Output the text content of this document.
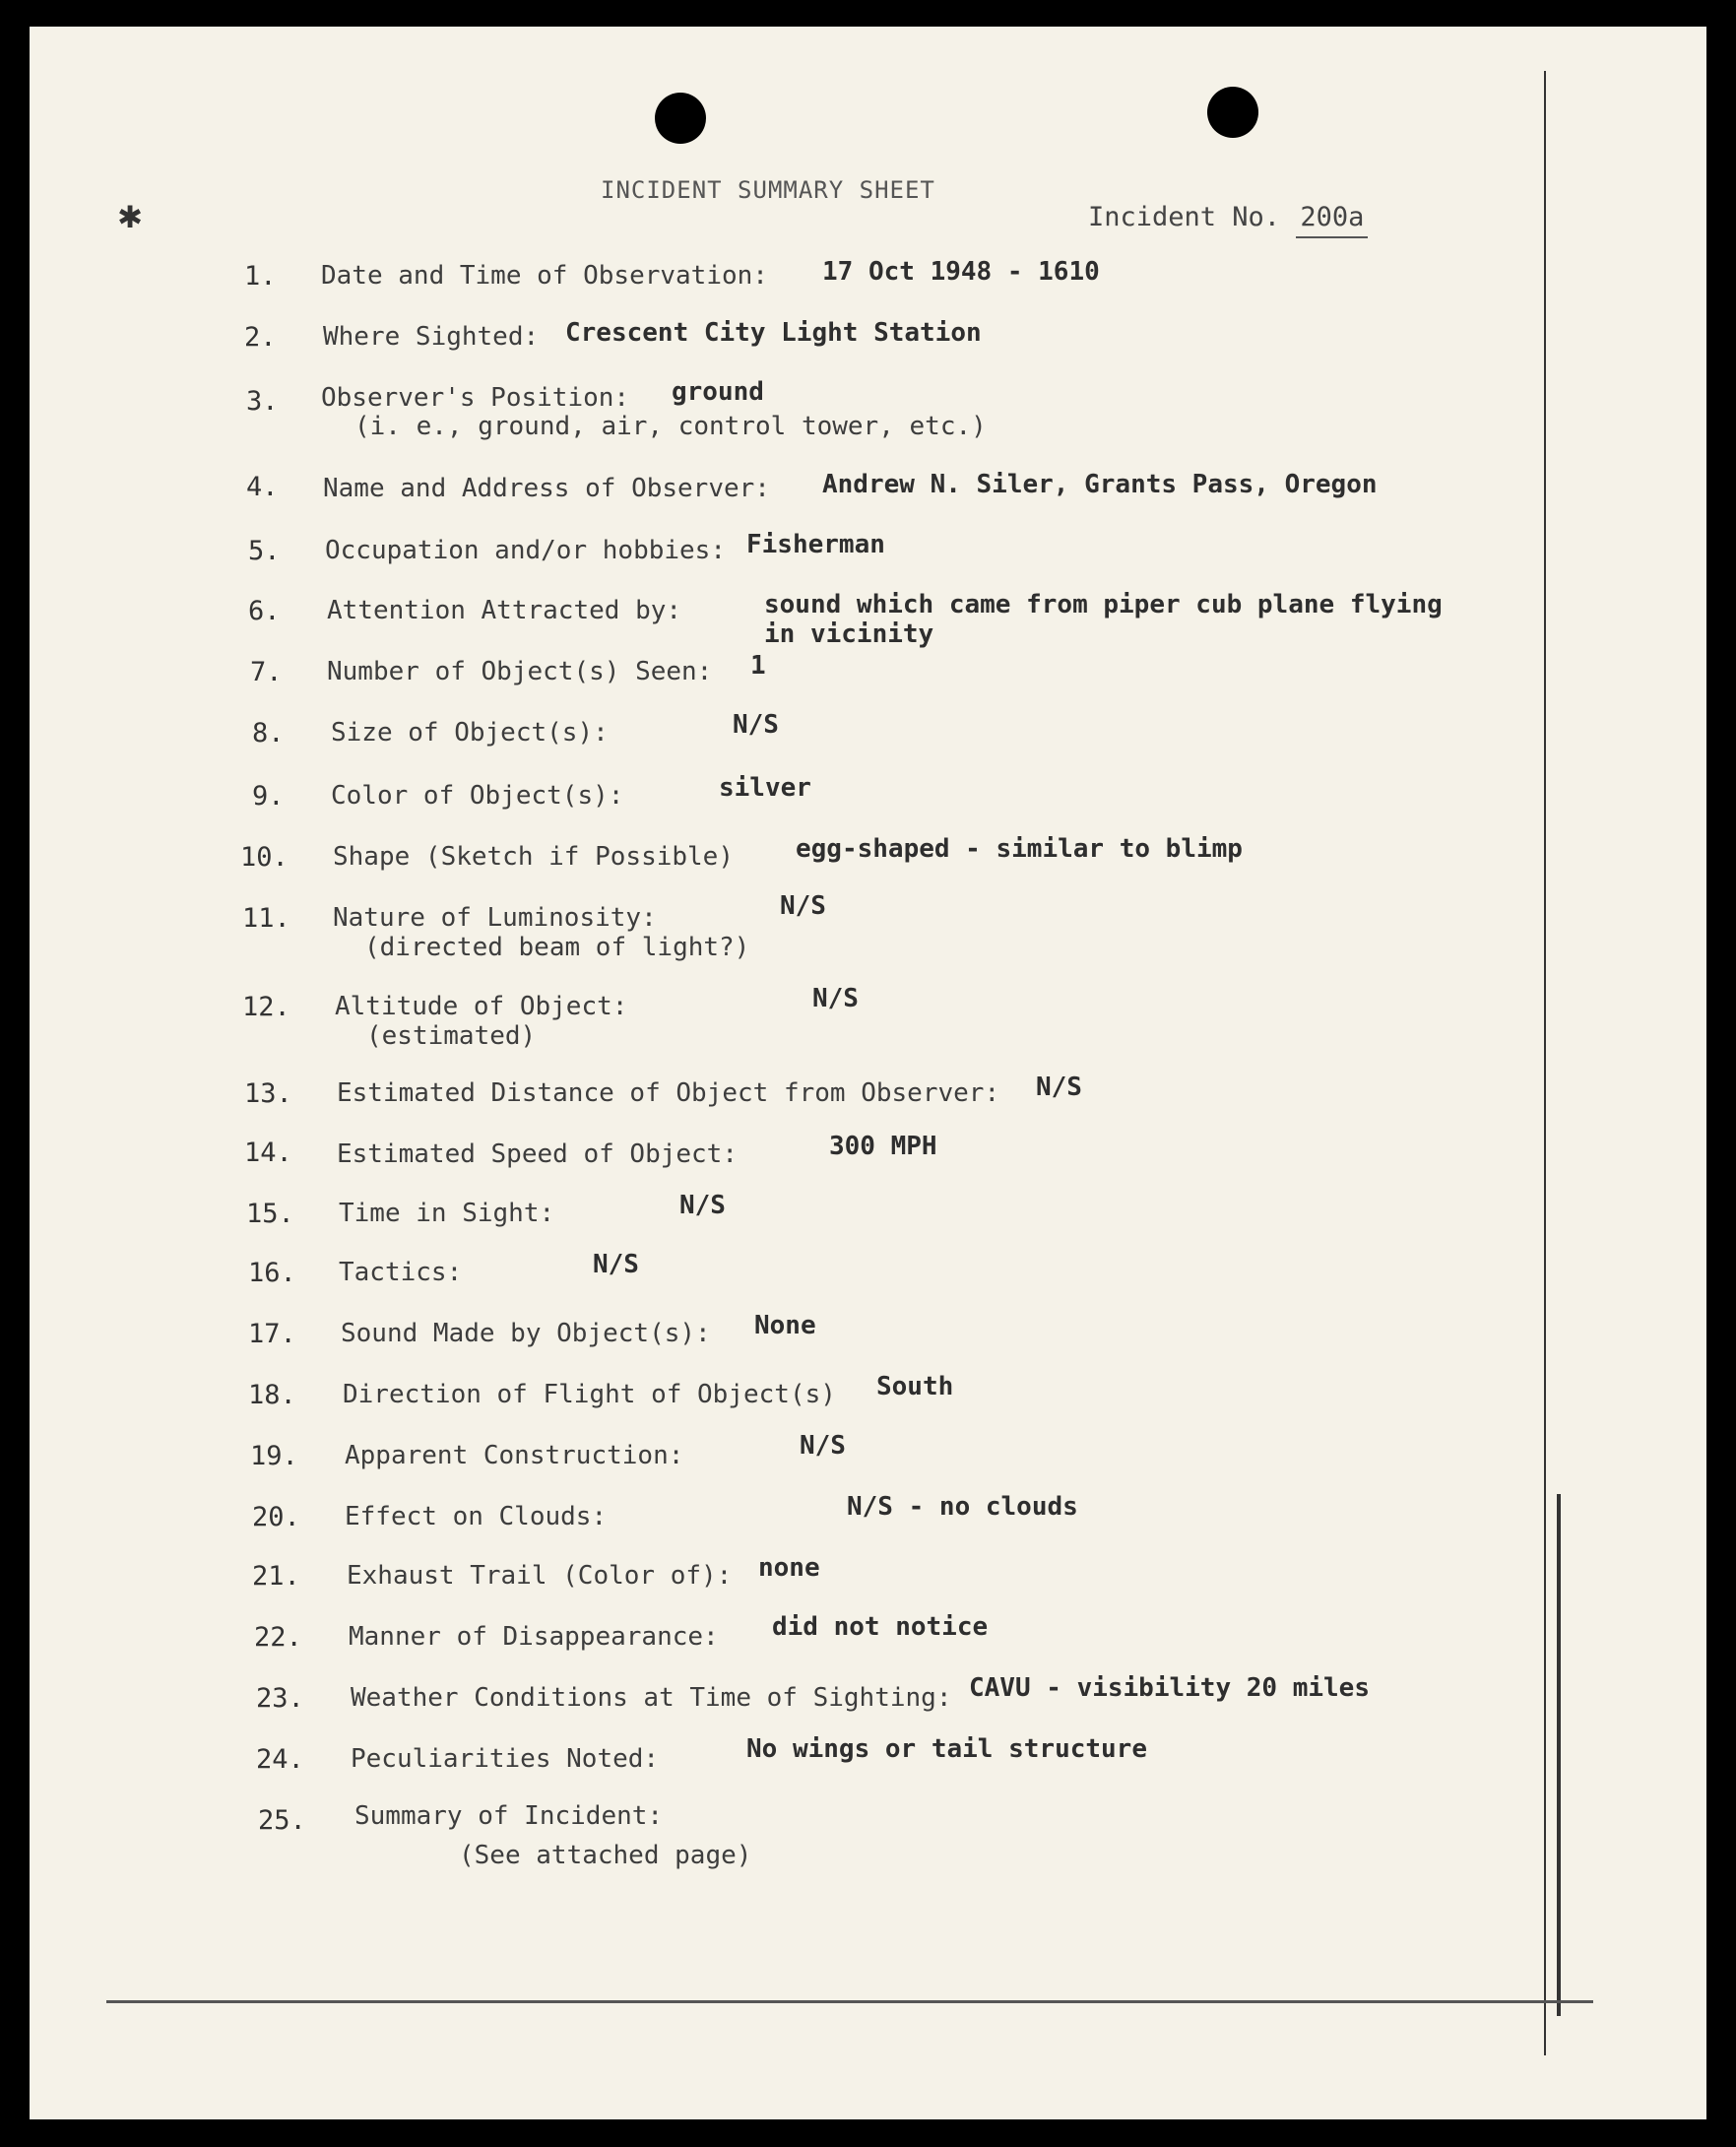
✱
INCIDENT SUMMARY SHEET
Incident No. 200a
1. Date and Time of Observation: 17 Oct 1948 - 1610
2. Where Sighted: Crescent City Light Station
3. Observer's Position: ground
(i. e., ground, air, control tower, etc.)
4. Name and Address of Observer: Andrew N. Siler, Grants Pass, Oregon
5. Occupation and/or hobbies: Fisherman
6. Attention Attracted by:	sound which came from piper cub plane flying
in vicinity
7. Number of Object(s) Seen: 1
8. Size of Object(s):	N/S
9. Color of Object(s):	silver
10. Shape (Sketch if Possible) egg-shaped - similar to blimp
11. Nature of Luminosity:	N/S
(directed beam of light?)
12. Altitude of Object:	N/S
(estimated)
13. Estimated Distance of Object from Observer: N/S
14. Estimated Speed of Object:	300 MPH
15. Time in Sight:	N/S
16. Tactics:	N/S
17. Sound Made by Object(s): None
18. Direction of Flight of Object(s) South
19. Apparent Construction:	N/S
20. Effect on Clouds:	N/S - no clouds
21. Exhaust Trail (Color of): none
22. Manner of Disappearance: did not notice
23. Weather Conditions at Time of Sighting: CAVU - visibility 20 miles
24. Peculiarities Noted:	No wings or tail structure
25. Summary of Incident:
(See attached page)
